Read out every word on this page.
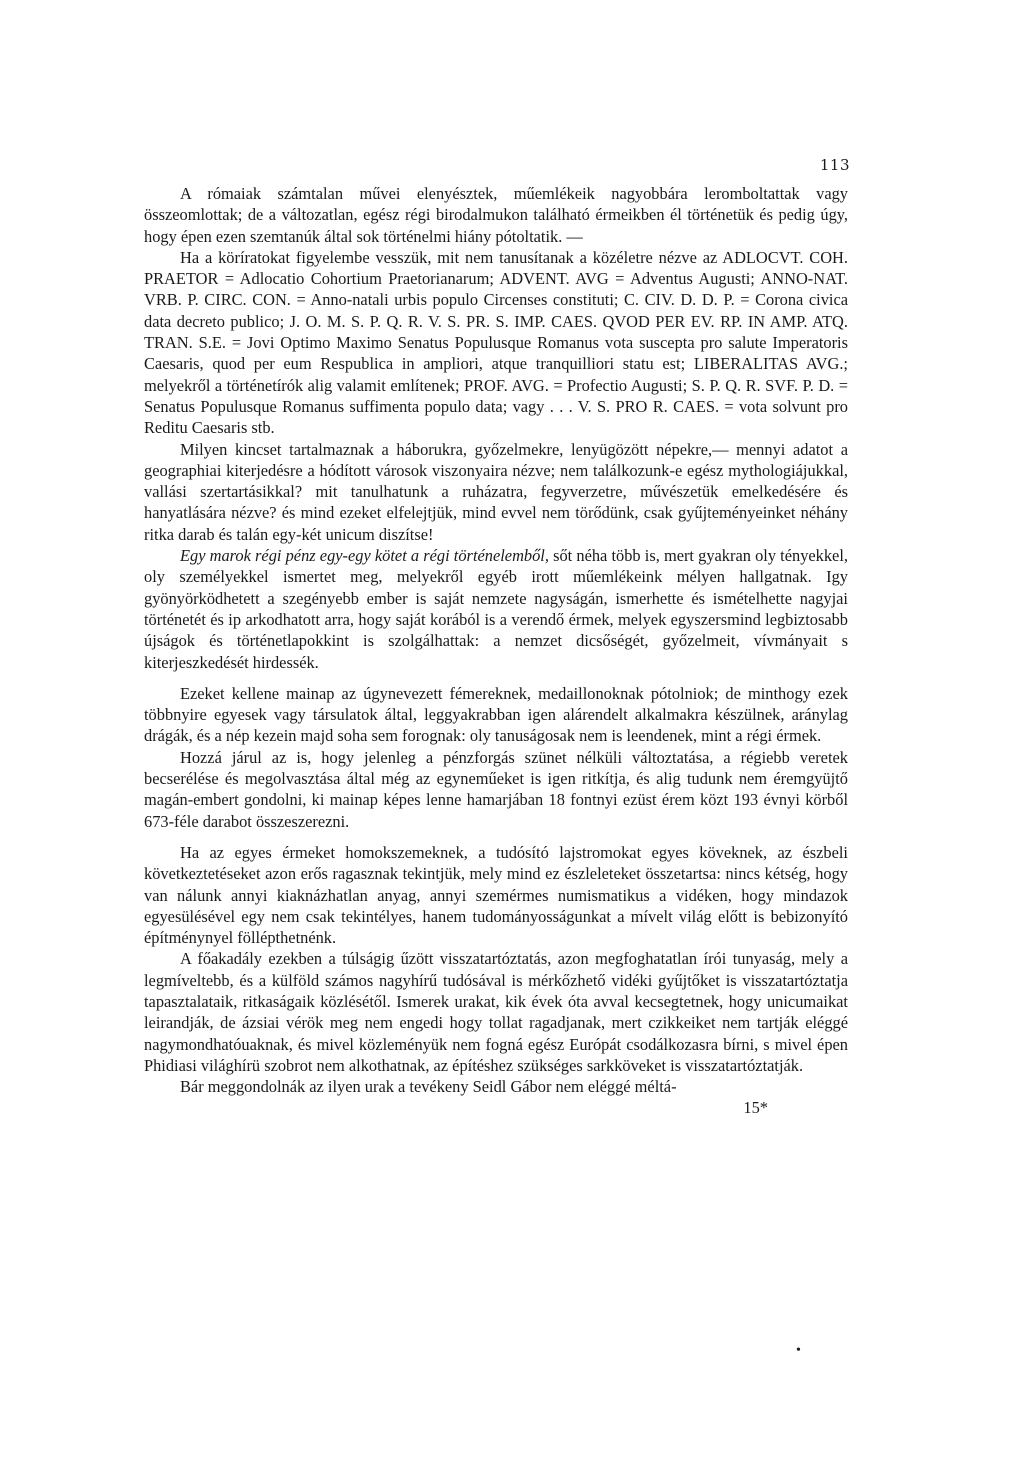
113

A rómaiak számtalan művei elenyésztek, műemlékeik nagyobbára leromboltattak vagy összeomlottak; de a változatlan, egész régi birodalmukon található érmeikben él történetük és pedig úgy, hogy épen ezen szemtanúk által sok történelmi hiány pótoltatik. —

Ha a köríratokat figyelembe vesszük, mit nem tanusítanak a közéletre nézve az ADLOCVT. COH. PRAETOR = Adlocatio Cohortium Praetorianarum; ADVENT. AVG = Adventus Augusti; ANNO-NAT. VRB. P. CIRC. CON. = Anno-natali urbis populo Circenses constituti; C. CIV. D. D. P. = Corona civica data decreto publico; J. O. M. S. P. Q. R. V. S. PR. S. IMP. CAES. QVOD PER EV. RP. IN AMP. ATQ. TRAN. S.E. = Jovi Optimo Maximo Senatus Populusque Romanus vota suscepta pro salute Imperatoris Caesaris, quod per eum Respublica in ampliori, atque tranquilliori statu est; LIBERALITAS AVG.; melyekről a történetírók alig valamit említenek; PROF. AVG. = Profectio Augusti; S. P. Q. R. SVF. P. D. = Senatus Populusque Romanus suffimenta populo data; vagy . . . V. S. PRO R. CAES. = vota solvunt pro Reditu Caesaris stb.

Milyen kincset tartalmaznak a háborukra, győzelmekre, lenyügözött népekre,— mennyi adatot a geographiai kiterjedésre a hódított városok viszonyaira nézve; nem találkozunk-e egész mythologiájukkal, vallási szertartásikkal? mit tanulhatunk a ruházatra, fegyverzetre, művészetük emelkedésére és hanyatlására nézve? és mind ezeket elfelejtjük, mind evvel nem törődünk, csak gyűjteményeinket néhány ritka darab és talán egy-két unicum diszítse!

Egy marok régi pénz egy-egy kötet a régi történelemből, sőt néha több is, mert gyakran oly tényekkel, oly személyekkel ismertet meg, melyekről egyéb irott műemlékeink mélyen hallgatnak. Igy gyönyörködhetett a szegényebb ember is saját nemzete nagyságán, ismerhette és ismételhette nagyjai történetét és ip arkodhatott arra, hogy saját korából is a verendő érmek, melyek egyszersmind legbiztosabb újságok és történetlapokkint is szolgálhattak: a nemzet dicsőségét, győzelmeit, vívmányait s kiterjeszkedését hirdessék.

Ezeket kellene mainap az úgynevezett fémereknek, medaillonoknak pótolniok; de minthogy ezek többnyire egyesek vagy társulatok által, leggyakrabban igen alárendelt alkalmakra készülnek, aránylag drágák, és a nép kezein majd soha sem forognak: oly tanuságosak nem is leendenek, mint a régi érmek.

Hozzá járul az is, hogy jelenleg a pénzforgás szünet nélküli változtatása, a régiebb veretek becserélése és megolvasztása által még az egyneműeket is igen ritkítja, és alig tudunk nem éremgyüjtő magán-embert gondolni, ki mainap képes lenne hamarjában 18 fontnyi ezüst érem közt 193 évnyi körből 673-féle darabot összeszerezni.

Ha az egyes érmeket homokszemeknek, a tudósító lajstromokat egyes köveknek, az észbeli következtetéseket azon erős ragasznak tekintjük, mely mind ez észleleteket összetartsa: nincs kétség, hogy van nálunk annyi kiaknázhatlan anyag, annyi szemérmes numismatikus a vidéken, hogy mindazok egyesülésével egy nem csak tekintélyes, hanem tudományosságunkat a mívelt világ előtt is bebizonyító építménynyel föllépthetnénk.

A főakadály ezekben a túlságig űzött visszatartóztatás, azon megfoghatatlan írói tunyaság, mely a legmíveltebb, és a külföld számos nagyhírű tudósával is mérkőzhető vidéki gyűjtőket is visszatartóztatja tapasztalataik, ritkaságaik közlésétől. Ismerek urakat, kik évek óta avval kecsegtetnek, hogy unicumaikat leirandják, de ázsiai vérök meg nem engedi hogy tollat ragadjanak, mert czikkeiket nem tartják eléggé nagymondhatóuaknak, és mivel közleményük nem fogná egész Európát csodálkozasra bírni, s mivel épen Phidiasi világhírü szobrot nem alkothatnak, az építéshez szükséges sarkköveket is visszatartóztatják.

Bár meggondolnák az ilyen urak a tevékeny Seidl Gábor nem eléggé méltá-

15*
•
